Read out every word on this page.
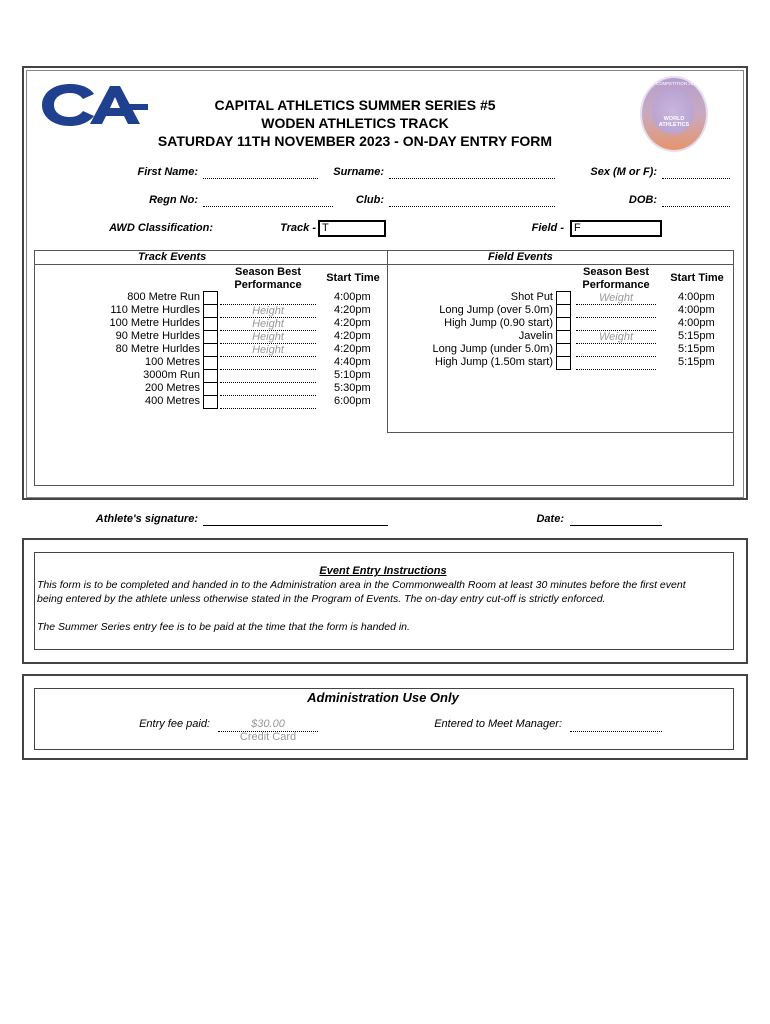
WORLD ATHLETICS
COMPETITION 2023
CAPITAL ATHLETICS SUMMER SERIES #5
WODEN ATHLETICS TRACK
SATURDAY 11TH NOVEMBER 2023 - ON-DAY ENTRY FORM
First Name:	Surname:	Sex (M or F):
Regn No:	Club:	DOB:
AWD Classification:	Track - T	Field - F
Track Events	Field Events
Season Best Performance
Start Time	Season Best Performance
Start Time
800 Metre Run	4:00pm
110 Metre Hurdles	Height	4:20pm
100 Metre Hurldes	Height	4:20pm
90 Metre Hurldes	Height	4:20pm
80 Metre Hurldes	Height	4:20pm
100 Metres	4:40pm
3000m Run	5:10pm
200 Metres	5:30pm
400 Metres	6:00pm
Shot Put	Weight	4:00pm
Long Jump (over 5.0m)	4:00pm
High Jump (0.90 start)	4:00pm
Javelin	Weight	5:15pm
Long Jump (under 5.0m)	5:15pm
High Jump (1.50m start)	5:15pm
Athlete's signature:	Date:
Event Entry Instructions
This form is to be completed and handed in to the Administration area in the Commonwealth Room at least 30 minutes before the first event
being entered by the athlete unless otherwise stated in the Program of Events. The on-day entry cut-off is strictly enforced.
The Summer Series entry fee is to be paid at the time that the form is handed in.
Administration Use Only
Entry fee paid:	$30.00
Credit Card
Entered to Meet Manager:
